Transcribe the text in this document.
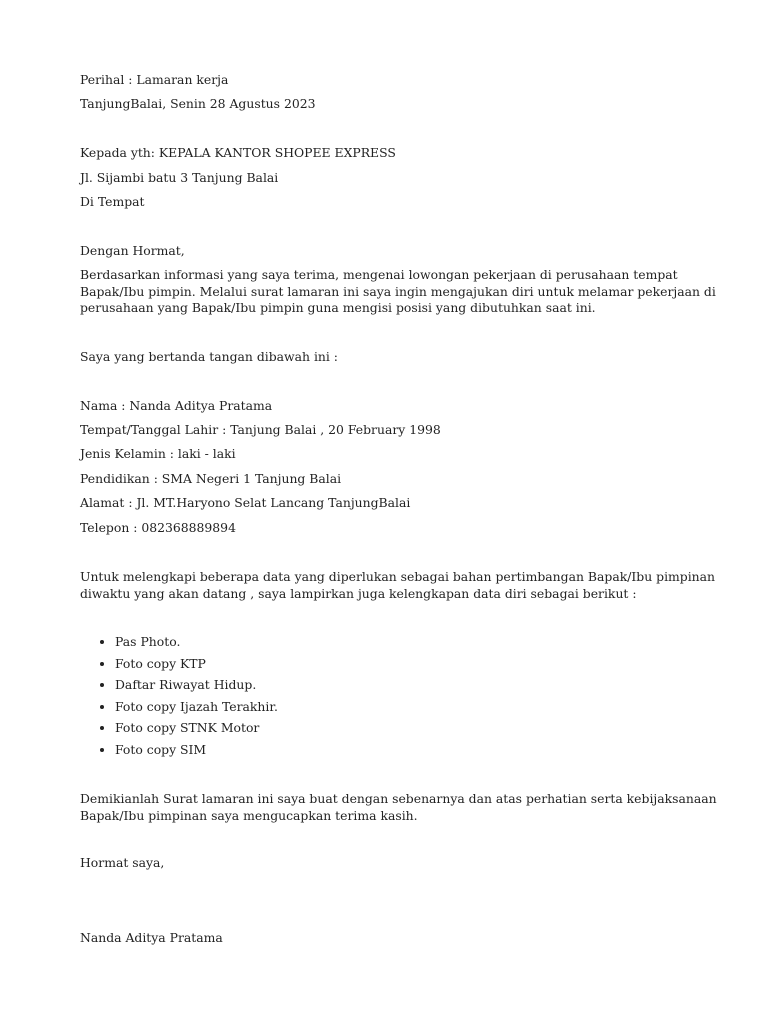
Perihal : Lamaran kerja
TanjungBalai, Senin 28 Agustus 2023
Kepada yth: KEPALA KANTOR SHOPEE EXPRESS
Jl. Sijambi batu 3 Tanjung Balai
Di Tempat
Dengan Hormat,

Berdasarkan informasi yang saya terima, mengenai lowongan pekerjaan di perusahaan tempat

Bapak/Ibu pimpin. Melalui surat lamaran ini saya ingin mengajukan diri untuk melamar pekerjaan di

perusahaan yang Bapak/Ibu pimpin guna mengisi posisi yang dibutuhkan saat ini.

Saya yang bertanda tangan dibawah ini :
Nama : Nanda Aditya Pratama
Tempat/Tanggal Lahir : Tanjung Balai , 20 February 1998
Jenis Kelamin : laki - laki
Pendidikan : SMA Negeri 1 Tanjung Balai
Alamat : Jl. MT.Haryono Selat Lancang TanjungBalai
Telepon : 082368889894

Untuk melengkapi beberapa data yang diperlukan sebagai bahan pertimbangan Bapak/Ibu pimpinan

diwaktu yang akan datang , saya lampirkan juga kelengkapan data diri sebagai berikut :

• Pas Photo.
• Foto copy KTP
• Daftar Riwayat Hidup.
• Foto copy Ijazah Terakhir.
• Foto copy STNK Motor
• Foto copy SIM

Demikianlah Surat lamaran ini saya buat dengan sebenarnya dan atas perhatian serta kebijaksanaan

Bapak/Ibu pimpinan saya mengucapkan terima kasih.

Hormat saya,
Nanda Aditya Pratama
